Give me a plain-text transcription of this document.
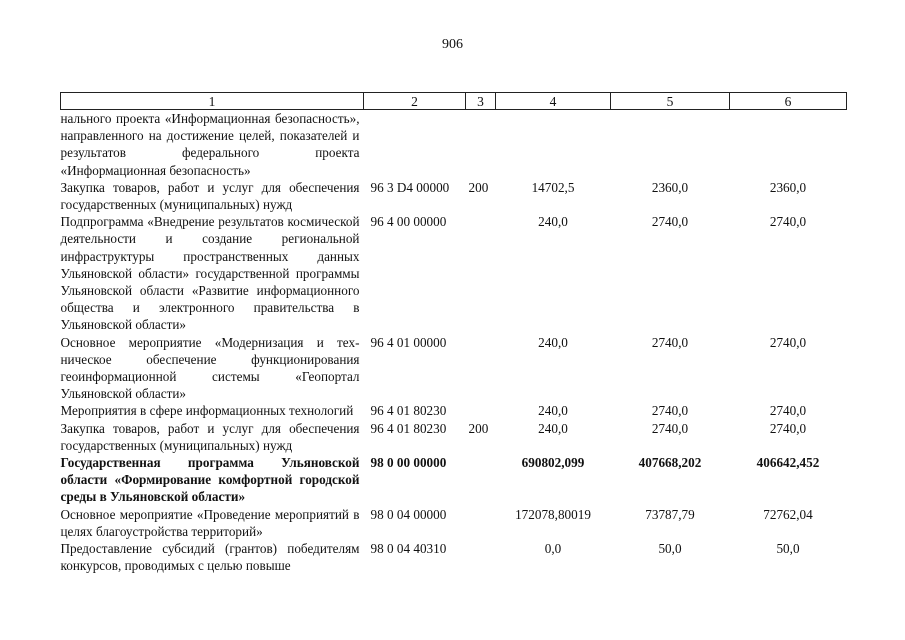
906
1	2	3	4	5	6
нального проекта «Информационная безопасность», направленного на достижение целей, показателей и результатов федерального проекта «Информационная безопасность»					
Закупка товаров, работ и услуг для обеспечения государственных (муниципальных) нужд	96 3 D4 00000	200	14702,5	2360,0	2360,0
Подпрограмма «Внедрение результатов космической деятельности и создание региональной инфраструктуры пространственных данных Ульяновской области» государственной программы Ульяновской области «Развитие информационного общества и электронного правительства в Ульяновской области»	96 4 00 00000		240,0	2740,0	2740,0
Основное мероприятие «Модернизация и техническое обеспечение функционирования геоинформационной системы «Геопортал Ульяновской области»	96 4 01 00000		240,0	2740,0	2740,0
Мероприятия в сфере информационных технологий	96 4 01 80230		240,0	2740,0	2740,0
Закупка товаров, работ и услуг для обеспечения государственных (муниципальных) нужд	96 4 01 80230	200	240,0	2740,0	2740,0
Государственная программа Ульяновской области «Формирование комфортной городской среды в Ульяновской области»	98 0 00 00000		690802,099	407668,202	406642,452
Основное мероприятие «Проведение мероприятий в целях благоустройства территорий»	98 0 04 00000		172078,80019	73787,79	72762,04
Предоставление субсидий (грантов) победителям конкурсов, проводимых с целью повыше	98 0 04 40310		0,0	50,0	50,0
